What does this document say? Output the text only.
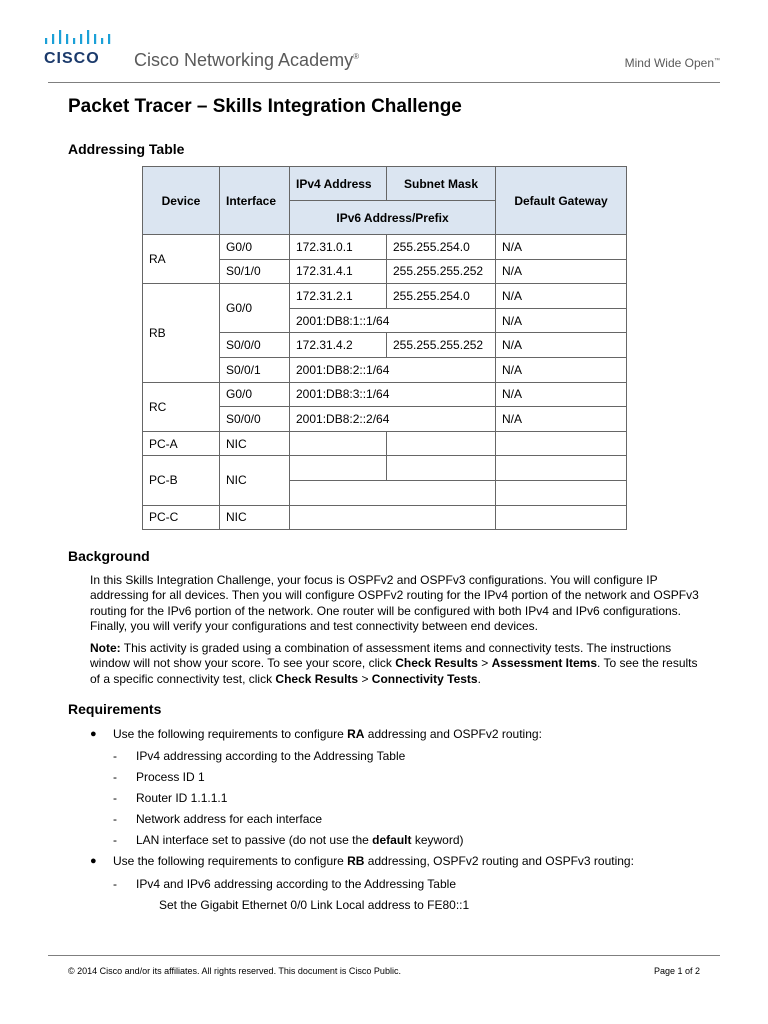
CISCO Cisco Networking Academy®	Mind Wide Open™
Packet Tracer – Skills Integration Challenge
Addressing Table
Device	Interface	IPv4 Address	Subnet Mask	Default Gateway
		IPv6 Address/Prefix		
RA	G0/0	172.31.0.1	255.255.254.0	N/A
	S0/1/0	172.31.4.1	255.255.255.252	N/A
RB	G0/0	172.31.2.1	255.255.254.0	N/A
		2001:DB8:1::1/64		N/A
	S0/0/0	172.31.4.2	255.255.255.252	N/A
	S0/0/1	2001:DB8:2::1/64		N/A
RC	G0/0	2001:DB8:3::1/64		N/A
	S0/0/0	2001:DB8:2::2/64		N/A
PC-A	NIC			
PC-B	NIC			

PC-C	NIC			
Background

In this Skills Integration Challenge, your focus is OSPFv2 and OSPFv3 configurations. You will configure IP addressing for all devices. Then you will configure OSPFv2 routing for the IPv4 portion of the network and OSPFv3 routing for the IPv6 portion of the network. One router will be configured with both IPv4 and IPv6 configurations. Finally, you will verify your configurations and test connectivity between end devices.

Note: This activity is graded using a combination of assessment items and connectivity tests. The instructions window will not show your score. To see your score, click Check Results > Assessment Items. To see the results of a specific connectivity test, click Check Results > Connectivity Tests.

Requirements
● Use the following requirements to configure RA addressing and OSPFv2 routing:
- IPv4 addressing according to the Addressing Table
- Process ID 1
- Router ID 1.1.1.1
- Network address for each interface
- LAN interface set to passive (do not use the default keyword)
● Use the following requirements to configure RB addressing, OSPFv2 routing and OSPFv3 routing:
- IPv4 and IPv6 addressing according to the Addressing Table
Set the Gigabit Ethernet 0/0 Link Local address to FE80::1
© 2014 Cisco and/or its affiliates. All rights reserved. This document is Cisco Public.	Page 1 of 2
